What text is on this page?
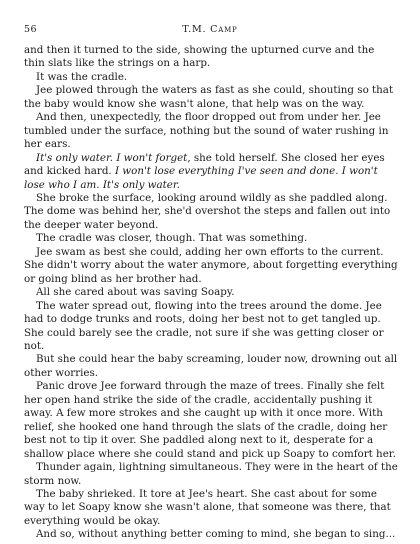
56	T.M. Camp

and then it turned to the side, showing the upturned curve and the thin slats like the strings on a harp.

It was the cradle.

Jee plowed through the waters as fast as she could, shouting so that the baby would know she wasn't alone, that help was on the way.

And then, unexpectedly, the floor dropped out from under her. Jee tumbled under the surface, nothing but the sound of water rushing in her ears.

It's only water. I won't forget, she told herself. She closed her eyes and kicked hard. I won't lose everything I've seen and done. I won't lose who I am. It's only water.

She broke the surface, looking around wildly as she paddled along. The dome was behind her, she'd overshot the steps and fallen out into the deeper water beyond.

The cradle was closer, though. That was something.

Jee swam as best she could, adding her own efforts to the current. She didn't worry about the water anymore, about forgetting everything or going blind as her brother had.

All she cared about was saving Soapy.

The water spread out, flowing into the trees around the dome. Jee had to dodge trunks and roots, doing her best not to get tangled up. She could barely see the cradle, not sure if she was getting closer or not.

But she could hear the baby screaming, louder now, drowning out all other worries.

Panic drove Jee forward through the maze of trees. Finally she felt her open hand strike the side of the cradle, accidentally pushing it away. A few more strokes and she caught up with it once more. With relief, she hooked one hand through the slats of the cradle, doing her best not to tip it over. She paddled along next to it, desperate for a shallow place where she could stand and pick up Soapy to comfort her.

Thunder again, lightning simultaneous. They were in the heart of the storm now.

The baby shrieked. It tore at Jee's heart. She cast about for some way to let Soapy know she wasn't alone, that someone was there, that everything would be okay.

And so, without anything better coming to mind, she began to sing...
